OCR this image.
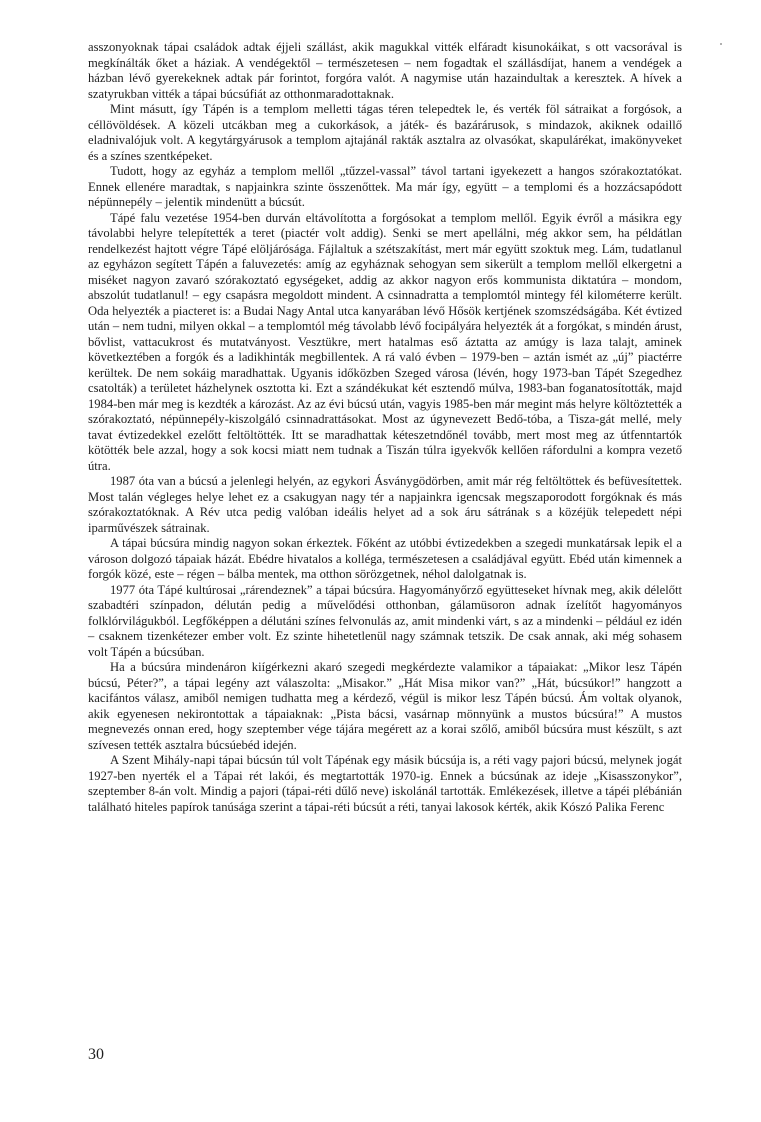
asszonyoknak tápai családok adtak éjjeli szállást, akik magukkal vitték elfáradt kisunokáikat, s ott vacsorával is megkínálták őket a háziak. A vendégektől – természetesen – nem fogadtak el szállásdíjat, hanem a vendégek a házban lévő gyerekeknek adtak pár forintot, forgóra valót. A nagymise után hazaindultak a keresztek. A hívek a szatyrukban vitték a tápai búcsúfiát az otthonmaradottaknak.

Mint másutt, így Tápén is a templom melletti tágas téren telepedtek le, és verték föl sátraikat a forgósok, a céllövöldések. A közeli utcákban meg a cukorkások, a játék- és bazárárusok, s mindazok, akiknek odaillő eladnivalójuk volt. A kegytárgyárusok a templom ajtajánál rakták asztalra az olvasókat, skapulárékat, imakönyveket és a színes szentképeket.

Tudott, hogy az egyház a templom mellől „tűzzel-vassal” távol tartani igyekezett a hangos szórakoztatókat. Ennek ellenére maradtak, s napjainkra szinte összenőttek. Ma már így, együtt – a templomi és a hozzácsapódott népünnepély – jelentik mindenütt a búcsút.

Tápé falu vezetése 1954-ben durván eltávolította a forgósokat a templom mellől. Egyik évről a másikra egy távolabbi helyre telepítették a teret (piactér volt addig). Senki se mert apellálni, még akkor sem, ha példátlan rendelkezést hajtott végre Tápé elöljárósága. Fájlaltuk a szétszakítást, mert már együtt szoktuk meg. Lám, tudatlanul az egyházon segített Tápén a faluvezetés: amíg az egyháznak sehogyan sem sikerült a templom mellől elkergetni a miséket nagyon zavaró szórakoztató egységeket, addig az akkor nagyon erős kommunista diktatúra – mondom, abszolút tudatlanul! – egy csapásra megoldott mindent. A csinnadratta a templomtól mintegy fél kilométerre került. Oda helyezték a piacteret is: a Budai Nagy Antal utca kanyarában lévő Hősök kertjének szomszédságába. Két évtized után – nem tudni, milyen okkal – a templomtól még távolabb lévő focipályára helyezték át a forgókat, s mindén árust, bővlist, vattacukrost és mutatványost. Vesztükre, mert hatalmas eső áztatta az amúgy is laza talajt, aminek következtében a forgók és a ladikhinták megbillentek. A rá való évben – 1979-ben – aztán ismét az „új” piactérre kerültek. De nem sokáig maradhattak. Ugyanis időközben Szeged városa (lévén, hogy 1973-ban Tápét Szegedhez csatolták) a területet házhelynek osztotta ki. Ezt a szándékukat két esztendő múlva, 1983-ban foganatosították, majd 1984-ben már meg is kezdték a kározást. Az az évi búcsú után, vagyis 1985-ben már megint más helyre költöztették a szórakoztató, népünnepély-kiszolgáló csinnadrattásokat. Most az úgynevezett Bedő-tóba, a Tisza-gát mellé, mely tavat évtizedekkel ezelőtt feltöltötték. Itt se maradhattak kéteszetndőnél tovább, mert most meg az útfenntartók kötötték bele azzal, hogy a sok kocsi miatt nem tudnak a Tiszán túlra igyekvők kellően ráfordulni a kompra vezető útra.

1987 óta van a búcsú a jelenlegi helyén, az egykori Ásványgödörben, amit már rég feltöltöttek és befüvesítettek. Most talán végleges helye lehet ez a csakugyan nagy tér a napjainkra igencsak megszaporodott forgóknak és más szórakoztatóknak. A Rév utca pedig valóban ideális helyet ad a sok áru sátrának s a közéjük telepedett népi iparművészek sátrainak.

A tápai búcsúra mindig nagyon sokan érkeztek. Főként az utóbbi évtizedekben a szegedi munkatársak lepik el a városon dolgozó tápaiak házát. Ebédre hivatalos a kollégа, természetesen a családjával együtt. Ebéd után kimennek a forgók közé, este – régen – bálba mentek, ma otthon sörözgetnek, néhol dalolgatnak is.

1977 óta Tápé kultúrosai „rárendeznek” a tápai búcsúra. Hagyományőrző együtteseket hívnak meg, akik délelőtt szabadtéri színpadon, délután pedig a művelődési otthonban, gálamüsoron adnak ízelítőt hagyományos folklórvilágukból. Legfőképpen a délutáni színes felvonulás az, amit mindenki várt, s az a mindenki – például ez idén – csaknem tizenkétezer ember volt. Ez szinte hihetetlenül nagy számnak tetszik. De csak annak, aki még sohasem volt Tápén a búcsúban.

Ha a búcsúra mindenáron kiígérkezni akaró szegedi megkérdezte valamikor a tápaiakat: „Mikor lesz Tápén búcsú, Péter?”, a tápai legény azt válaszolta: „Misakor.” „Hát Misa mikor van?” „Hát, búcsúkor!” hangzott a kacifántos válasz, amiből nemigen tudhatta meg a kérdező, végül is mikor lesz Tápén búcsú. Ám voltak olyanok, akik egyenesen nekirontottak a tápaiaknak: „Pista bácsi, vasárnap mönnyünk a mustos búcsúra!” A mustos megnevezés onnan ered, hogy szeptember vége tájára megérett az a korai szőlő, amiből búcsúra must készült, s azt szívesen tették asztalra búcsúebéd idején.

A Szent Mihály-napi tápai búcsún túl volt Tápénak egy másik búcsúja is, a réti vagy pajori búcsú, melynek jogát 1927-ben nyerték el a Tápai rét lakói, és megtartották 1970-ig. Ennek a búcsúnak az ideje „Kisasszonykor”, szeptember 8-án volt. Mindig a pajori (tápai-réti dűlő neve) iskolánál tartották. Emlékezések, illetve a tápéi plébánián található hiteles papírok tanúsága szerint a tápai-réti búcsút a réti, tanyai lakosok kérték, akik Kószó Palika Ferenc

30
